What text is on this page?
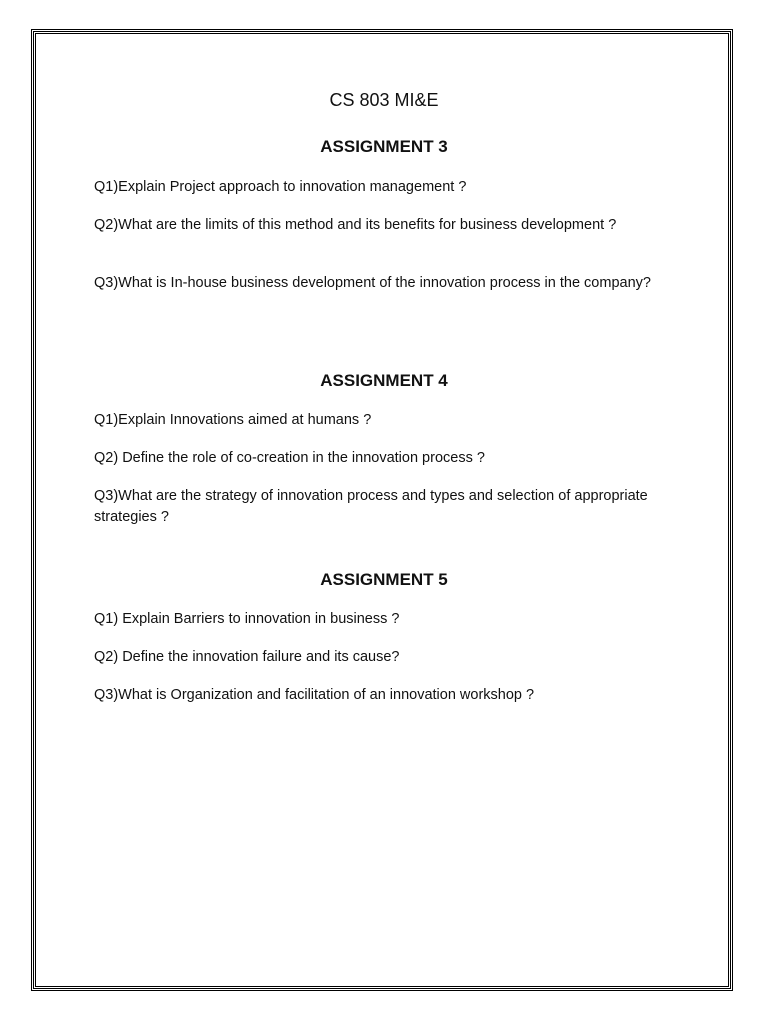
CS 803 MI&E
ASSIGNMENT 3
Q1)Explain Project approach to innovation management ?
Q2)What are the limits of this method and its benefits for business development ?
Q3)What is In-house business development of the innovation process in the company?
ASSIGNMENT 4
Q1)Explain Innovations aimed at humans ?
Q2) Define the role of co-creation in the innovation process ?
Q3)What are the strategy of innovation process and types and selection of appropriate strategies ?
ASSIGNMENT 5
Q1) Explain Barriers to innovation in business ?
Q2) Define the innovation failure and its cause?
Q3)What is Organization and facilitation of an innovation workshop ?
